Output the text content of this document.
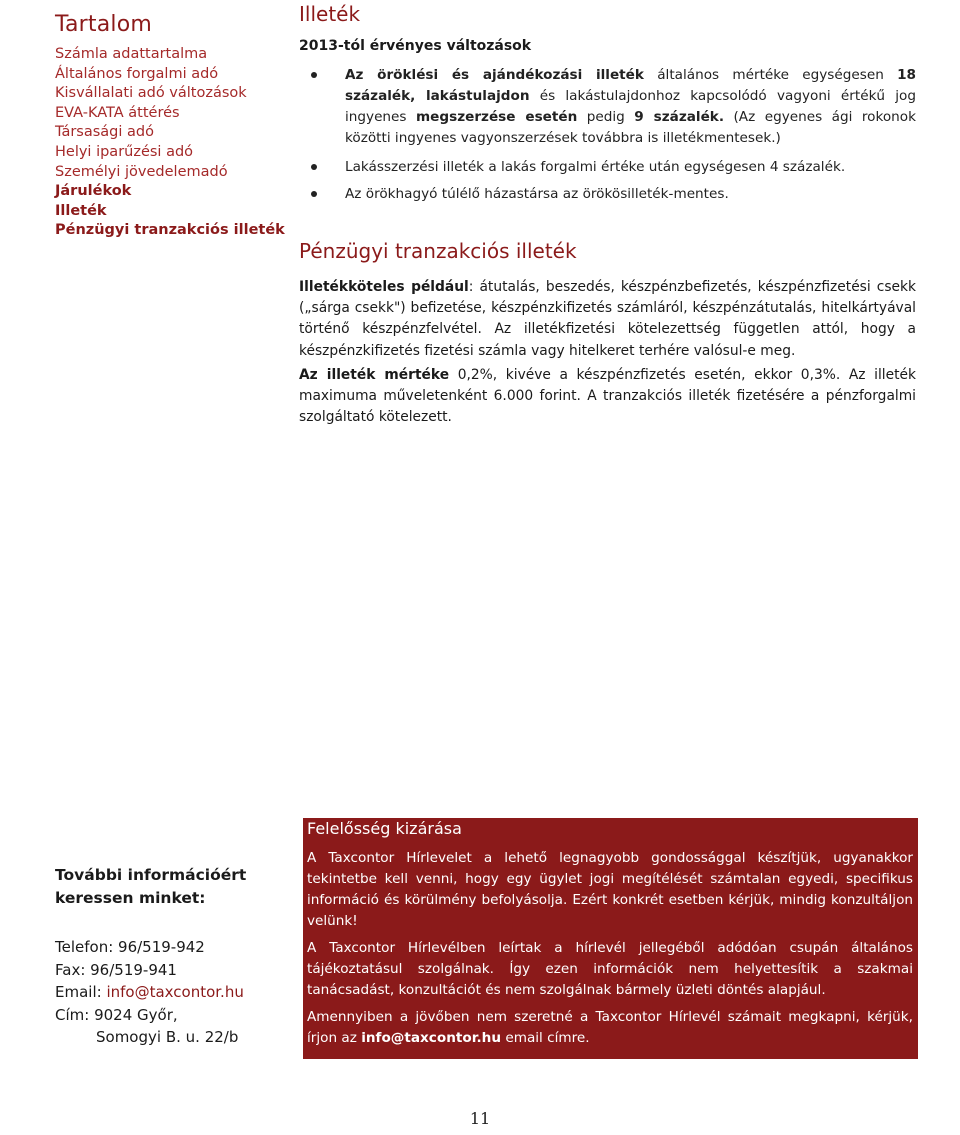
Tartalom
Számla adattartalma
Általános forgalmi adó
Kisvállalati adó változások
EVA-KATA áttérés
Társasági adó
Helyi iparűzési adó
Személyi jövedelemadó
Járulékok
Illeték
Pénzügyi tranzakciós illeték
Illeték
2013-tól érvényes változások
Az öröklési és ajándékozási illeték általános mértéke egységesen 18 százalék, lakástulajdon és lakástulajdonhoz kapcsolódó vagyoni értékű jog ingyenes megszerzése esetén pedig 9 százalék. (Az egyenes ági rokonok közötti ingyenes vagyonszerzések továbbra is illetékmentesek.)
Lakásszerzési illeték a lakás forgalmi értéke után egységesen 4 százalék.
Az örökhagyó túlélő házastársa az örökösilleték-mentes.
Pénzügyi tranzakciós illeték

Illetékköteles például: átutalás, beszedés, készpénzbefizetés, készpénzfizetési csekk („sárga csekk") befizetése, készpénzkifizetés számláról, készpénzátutalás, hitelkártyával történő készpénzfelvétel. Az illetékfizetési kötelezettség független attól, hogy a készpénzkifizetés fizetési számla vagy hitelkeret terhére valósul-e meg.

Az illeték mértéke 0,2%, kivéve a készpénzfizetés esetén, ekkor 0,3%. Az illeték maximuma műveletenként 6.000 forint. A tranzakciós illeték fizetésére a pénzforgalmi szolgáltató kötelezett.

További információért keressen minket:
Telefon: 96/519-942
Fax: 96/519-941
Email: info@taxcontor.hu
Cím: 9024 Győr,
Somogyi B. u. 22/b
Felelősség kizárása

A Taxcontor Hírlevelet a lehető legnagyobb gondossággal készítjük, ugyanakkor tekintetbe kell venni, hogy egy ügylet jogi megítélését számtalan egyedi, specifikus információ és körülmény befolyásolja. Ezért konkrét esetben kérjük, mindig konzultáljon velünk!

A Taxcontor Hírlevélben leírtak a hírlevél jellegéből adódóan csupán általános tájékoztatásul szolgálnak. Így ezen információk nem helyettesítik a szakmai tanácsadást, konzultációt és nem szolgálnak bármely üzleti döntés alapjául.

Amennyiben a jövőben nem szeretné a Taxcontor Hírlevél számait megkapni, kérjük, írjon az info@taxcontor.hu email címre.

11
